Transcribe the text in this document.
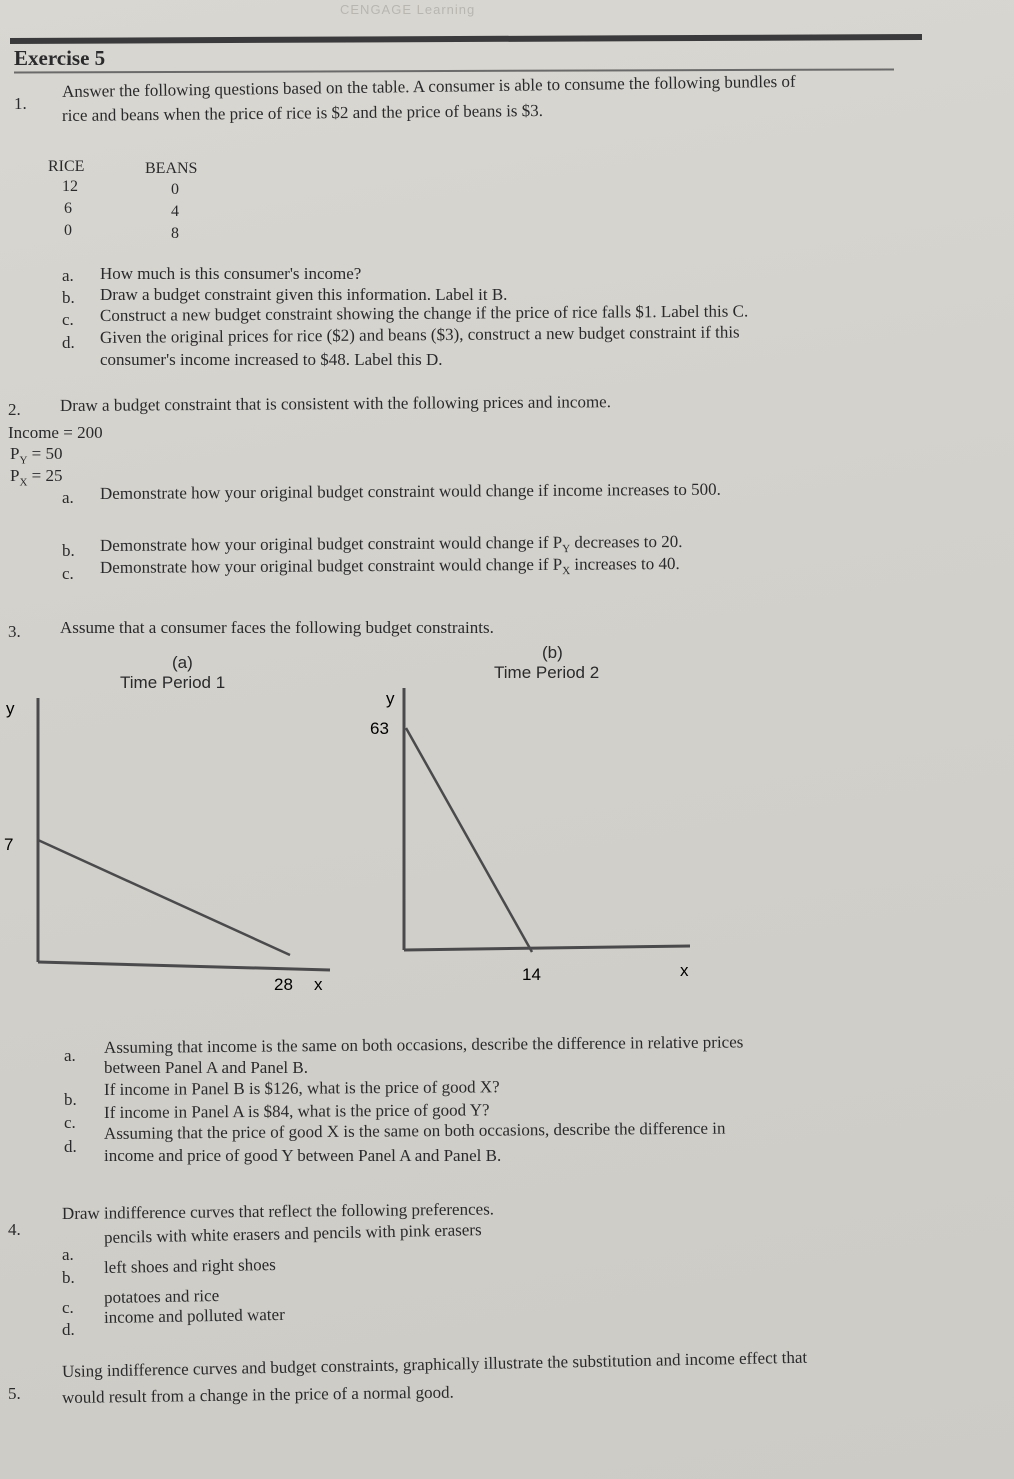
CENGAGE Learning
Exercise 5
1.
Answer the following questions based on the table. A consumer is able to consume the following bundles of
rice and beans when the price of rice is $2 and the price of beans is $3.
RICE	BEANS
12	0
6	4
0	8
a. How much is this consumer's income?
b. Draw a budget constraint given this information. Label it B.
c. Construct a new budget constraint showing the change if the price of rice falls $1. Label this C.
d. Given the original prices for rice ($2) and beans ($3), construct a new budget constraint if this
consumer's income increased to $48. Label this D.
2. Draw a budget constraint that is consistent with the following prices and income.
Income = 200
$P_Y = 50$
$P_X = 25$
a. Demonstrate how your original budget constraint would change if income increases to 500.
b. Demonstrate how your original budget constraint would change if $P_Y$ decreases to 20.
c. Demonstrate how your original budget constraint would change if $P_X$ increases to 40.
3. Assume that a consumer faces the following budget constraints.
(a)
Time Period 1
y
7
28 x
(b)
Time Period 2
y
63
14	x
a. Assuming that income is the same on both occasions, describe the difference in relative prices
between Panel A and Panel B.
b.
If income in Panel B is $126, what is the price of good X?
c.
If income in Panel A is $84, what is the price of good Y?
d.
Assuming that the price of good X is the same on both occasions, describe the difference in
income and price of good Y between Panel A and Panel B.
4.
Draw indifference curves that reflect the following preferences.
a.
pencils with white erasers and pencils with pink erasers
b.
left shoes and right shoes
c.
potatoes and rice
d.
income and polluted water
5.
Using indifference curves and budget constraints, graphically illustrate the substitution and income effect that
would result from a change in the price of a normal good.
